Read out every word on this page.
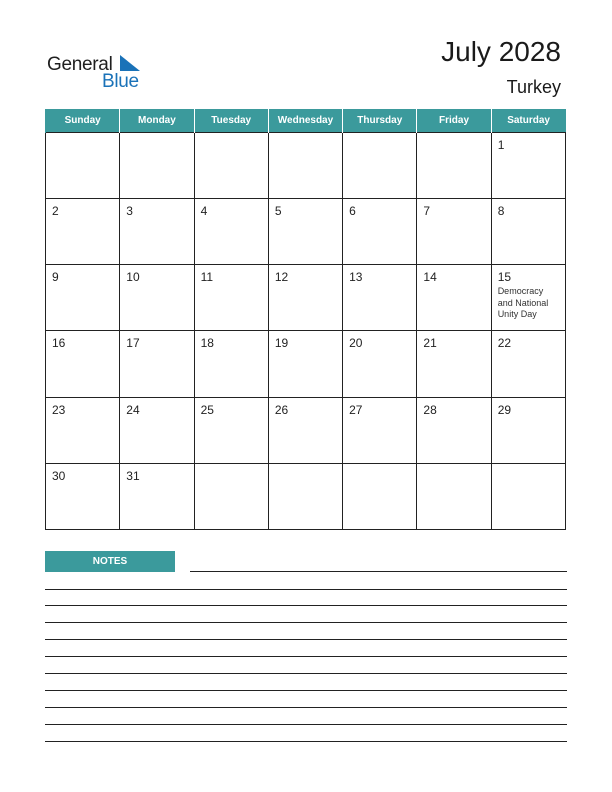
General
Blue
July 2028
Turkey
Sunday	Monday	Tuesday	Wednesday	Thursday	Friday	Saturday

						1

2	3	4	5	6	7	8

9	10	11	12	13	14	15
Democracy and National Unity Day

16	17	18	19	20	21	22

23	24	25	26	27	28	29

30	31					

NOTES
